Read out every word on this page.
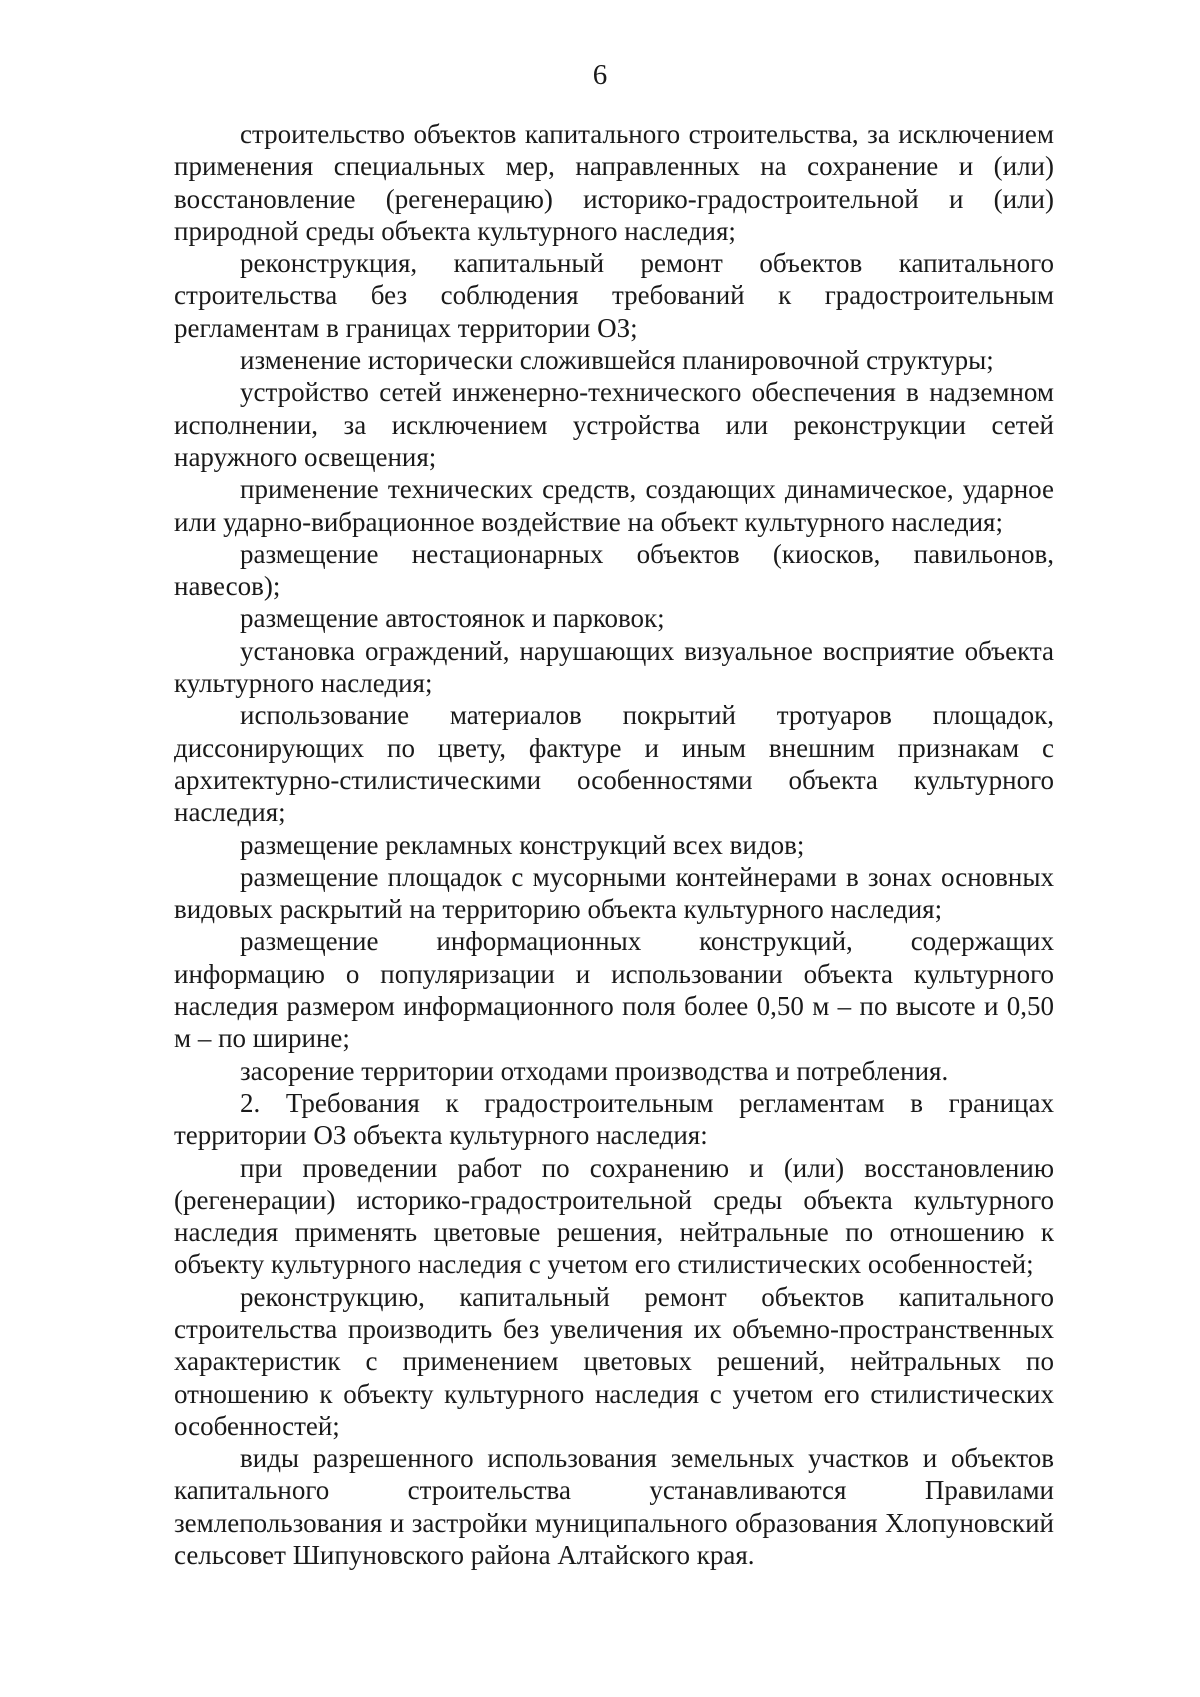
6

строительство объектов капитального строительства, за исключением применения специальных мер, направленных на сохранение и (или) восстановление (регенерацию) историко-градостроительной и (или) природной среды объекта культурного наследия;

реконструкция, капитальный ремонт объектов капитального строительства без соблюдения требований к градостроительным регламентам в границах территории ОЗ;

изменение исторически сложившейся планировочной структуры;

устройство сетей инженерно-технического обеспечения в надземном исполнении, за исключением устройства или реконструкции сетей наружного освещения;

применение технических средств, создающих динамическое, ударное или ударно-вибрационное воздействие на объект культурного наследия;

размещение нестационарных объектов (киосков, павильонов, навесов);

размещение автостоянок и парковок;

установка ограждений, нарушающих визуальное восприятие объекта культурного наследия;

использование материалов покрытий тротуаров площадок, диссонирующих по цвету, фактуре и иным внешним признакам с архитектурно-стилистическими особенностями объекта культурного наследия;

размещение рекламных конструкций всех видов;

размещение площадок с мусорными контейнерами в зонах основных видовых раскрытий на территорию объекта культурного наследия;

размещение информационных конструкций, содержащих информацию о популяризации и использовании объекта культурного наследия размером информационного поля более 0,50 м – по высоте и 0,50 м – по ширине;

засорение территории отходами производства и потребления.

2. Требования к градостроительным регламентам в границах территории ОЗ объекта культурного наследия:

при проведении работ по сохранению и (или) восстановлению (регенерации) историко-градостроительной среды объекта культурного наследия применять цветовые решения, нейтральные по отношению к объекту культурного наследия с учетом его стилистических особенностей;

реконструкцию, капитальный ремонт объектов капитального строительства производить без увеличения их объемно-пространственных характеристик с применением цветовых решений, нейтральных по отношению к объекту культурного наследия с учетом его стилистических особенностей;

виды разрешенного использования земельных участков и объектов капитального строительства устанавливаются Правилами землепользования и застройки муниципального образования Хлопуновский сельсовет Шипуновского района Алтайского края.
